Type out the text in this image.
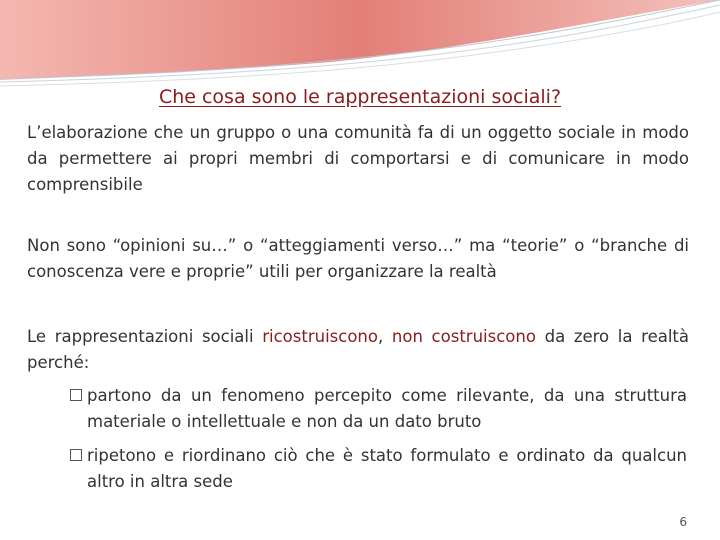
Che cosa sono le rappresentazioni sociali?
L’elaborazione che un gruppo o una comunità fa di un oggetto sociale in modo da permettere ai propri membri di comportarsi e di comunicare in modo comprensibile
Non sono “opinioni su…” o “atteggiamenti verso…” ma “teorie” o “branche di conoscenza vere e proprie” utili per organizzare la realtà
Le rappresentazioni sociali ricostruiscono, non costruiscono da zero la realtà perché:
partono da un fenomeno percepito come rilevante, da una struttura materiale o intellettuale e non da un dato bruto
ripetono e riordinano ciò che è stato formulato e ordinato da qualcun altro in altra sede
6
